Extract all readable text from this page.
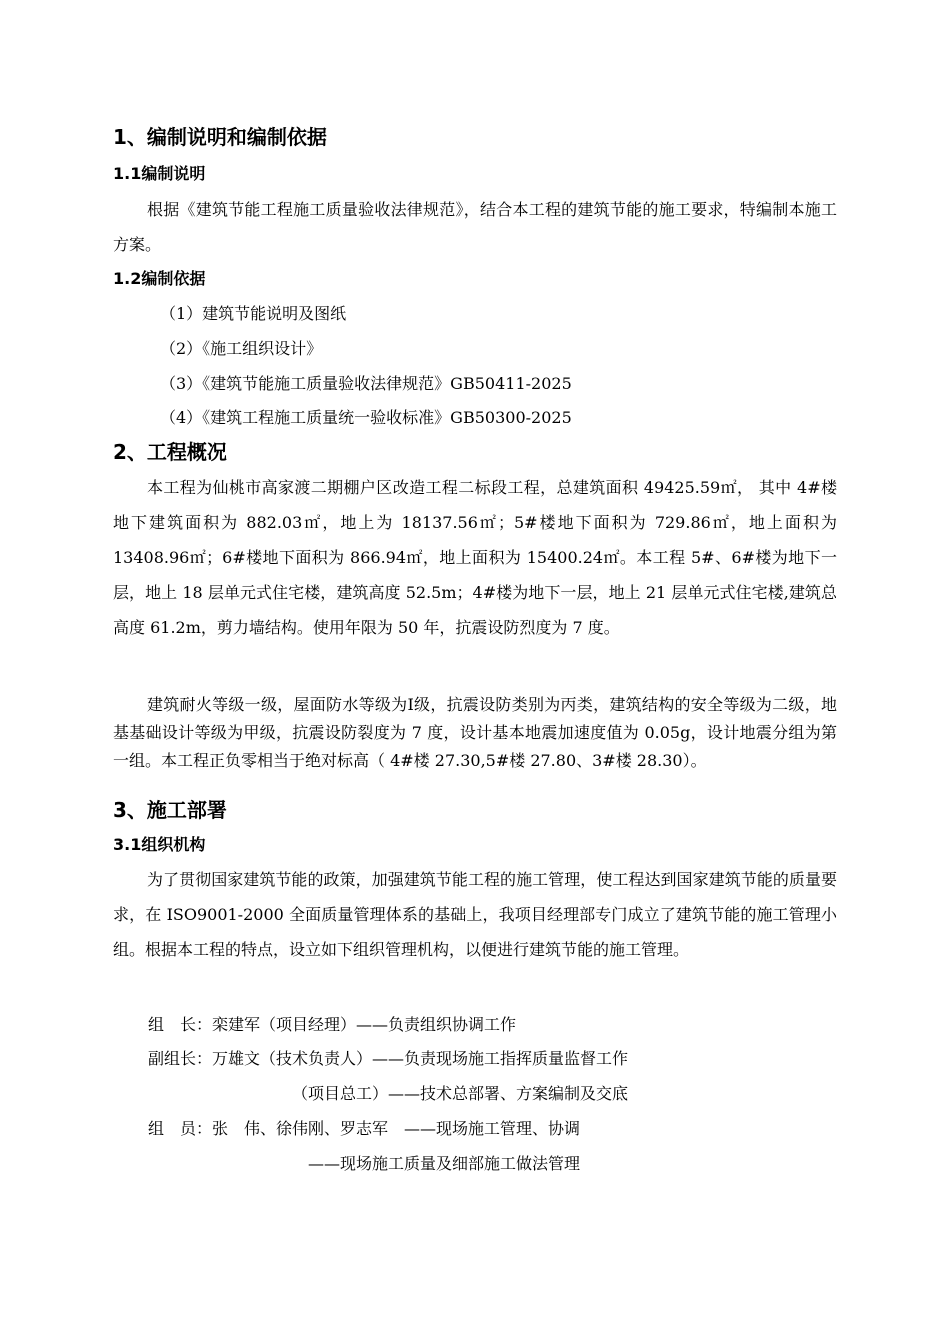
1、编制说明和编制依据
1.1编制说明

根据《建筑节能工程施工质量验收法律规范》，结合本工程的建筑节能的施工要求，特编制本施工方案。

1.2编制依据
（1）建筑节能说明及图纸
（2）《施工组织设计》
（3）《建筑节能施工质量验收法律规范》GB50411-2025
（4）《建筑工程施工质量统一验收标准》GB50300-2025
2、工程概况

本工程为仙桃市高家渡二期棚户区改造工程二标段工程，总建筑面积 49425.59㎡， 其中 4#楼地下建筑面积为 882.03㎡，地上为 18137.56㎡；5#楼地下面积为 729.86㎡，地上面积为 13408.96㎡；6#楼地下面积为 866.94㎡，地上面积为 15400.24㎡。本工程 5#、6#楼为地下一层，地上 18 层单元式住宅楼，建筑高度 52.5m；4#楼为地下一层，地上 21 层单元式住宅楼,建筑总高度 61.2m，剪力墙结构。使用年限为 50 年，抗震设防烈度为 7 度。

建筑耐火等级一级，屋面防水等级为Ⅰ级，抗震设防类别为丙类，建筑结构的安全等级为二级，地基基础设计等级为甲级，抗震设防裂度为 7 度，设计基本地震加速度值为 0.05g，设计地震分组为第一组。本工程正负零相当于绝对标高（ 4#楼 27.30,5#楼 27.80、3#楼 28.30）。

3、施工部署
3.1组织机构

为了贯彻国家建筑节能的政策，加强建筑节能工程的施工管理，使工程达到国家建筑节能的质量要求，在 ISO9001-2000 全面质量管理体系的基础上，我项目经理部专门成立了建筑节能的施工管理小组。根据本工程的特点，设立如下组织管理机构，以便进行建筑节能的施工管理。

组　长：栾建军（项目经理）——负责组织协调工作
副组长：万雄文（技术负责人）——负责现场施工指挥质量监督工作
（项目总工）——技术总部署、方案编制及交底
组　员：张　伟、徐伟刚、罗志军　——现场施工管理、协调
——现场施工质量及细部施工做法管理
